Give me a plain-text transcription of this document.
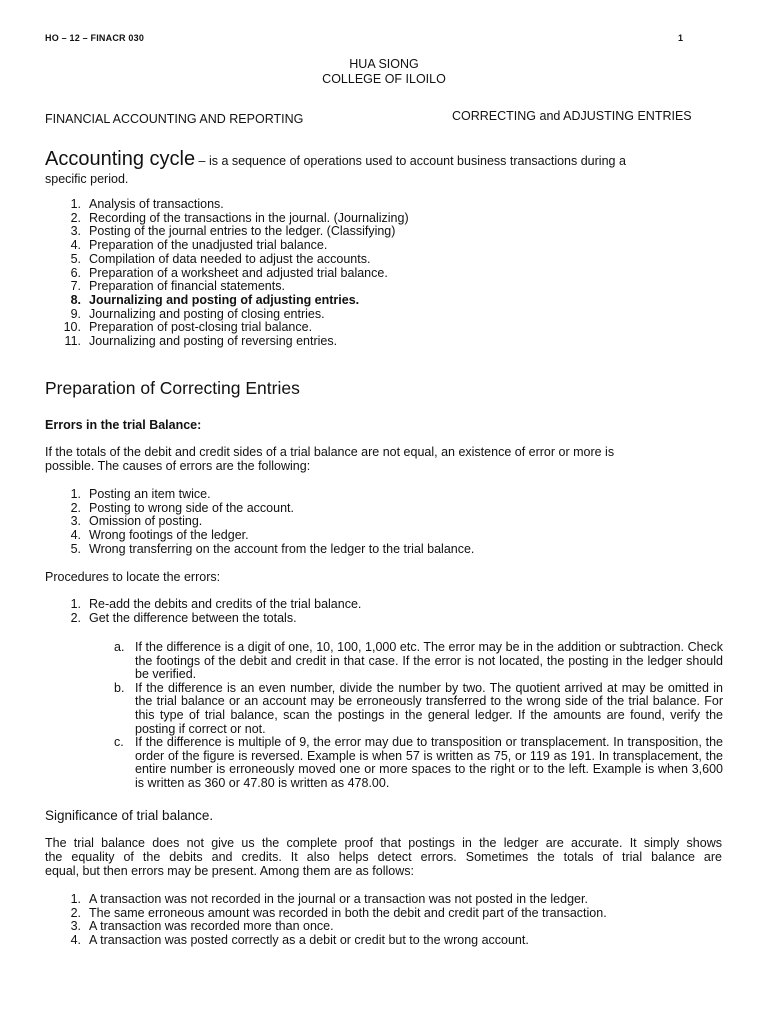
HO – 12 – FINACR 030	1
HUA SIONG
COLLEGE OF ILOILO
FINANCIAL ACCOUNTING AND REPORTING	CORRECTING and ADJUSTING ENTRIES
Accounting cycle – is a sequence of operations used to account business transactions during a
specific period.
1. Analysis of transactions.
2. Recording of the transactions in the journal. (Journalizing)
3. Posting of the journal entries to the ledger. (Classifying)
4. Preparation of the unadjusted trial balance.
5. Compilation of data needed to adjust the accounts.
6. Preparation of a worksheet and adjusted trial balance.
7. Preparation of financial statements.
8. Journalizing and posting of adjusting entries.
9. Journalizing and posting of closing entries.
10. Preparation of post-closing trial balance.
11. Journalizing and posting of reversing entries.
Preparation of Correcting Entries
Errors in the trial Balance:
If the totals of the debit and credit sides of a trial balance are not equal, an existence of error or more is
possible. The causes of errors are the following:
1. Posting an item twice.
2. Posting to wrong side of the account.
3. Omission of posting.
4. Wrong footings of the ledger.
5. Wrong transferring on the account from the ledger to the trial balance.
Procedures to locate the errors:
1. Re-add the debits and credits of the trial balance.
2. Get the difference between the totals.
a. If the difference is a digit of one, 10, 100, 1,000 etc. The error may be in the addition or subtraction. Check the footings of the debit and credit in that case. If the error is not located, the posting in the ledger should be verified.
b. If the difference is an even number, divide the number by two. The quotient arrived at may be omitted in the trial balance or an account may be erroneously transferred to the wrong side of the trial balance. For this type of trial balance, scan the postings in the general ledger. If the amounts are found, verify the posting if correct or not.
c. If the difference is multiple of 9, the error may due to transposition or transplacement. In transposition, the order of the figure is reversed. Example is when 57 is written as 75, or 119 as 191. In transplacement, the entire number is erroneously moved one or more spaces to the right or to the left. Example is when 3,600 is written as 360 or 47.80 is written as 478.00.
Significance of trial balance.
The trial balance does not give us the complete proof that postings in the ledger are accurate. It simply shows
the equality of the debits and credits. It also helps detect errors. Sometimes the totals of trial balance are
equal, but then errors may be present. Among them are as follows:
1. A transaction was not recorded in the journal or a transaction was not posted in the ledger.
2. The same erroneous amount was recorded in both the debit and credit part of the transaction.
3. A transaction was recorded more than once.
4. A transaction was posted correctly as a debit or credit but to the wrong account.
